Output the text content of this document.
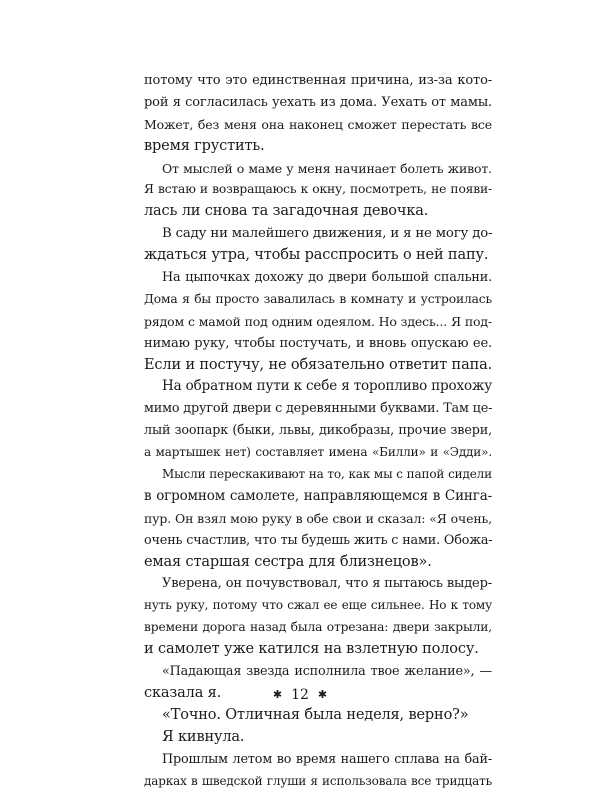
потому что это единственная причина, из-за кото-
рой я согласилась уехать из дома. Уехать от мамы.
Может, без меня она наконец сможет перестать все
время грустить.
От мыслей о маме у меня начинает болеть живот.
Я встаю и возвращаюсь к окну, посмотреть, не появи-
лась ли снова та загадочная девочка.
В саду ни малейшего движения, и я не могу до-
ждаться утра, чтобы расспросить о ней папу.
На цыпочках дохожу до двери большой спальни.
Дома я бы просто завалилась в комнату и устроилась
рядом с мамой под одним одеялом. Но здесь... Я под-
нимаю руку, чтобы постучать, и вновь опускаю ее.
Если и постучу, не обязательно ответит папа.
На обратном пути к себе я торопливо прохожу
мимо другой двери с деревянными буквами. Там це-
лый зоопарк (быки, львы, дикобразы, прочие звери,
а мартышек нет) составляет имена «Билли» и «Эдди».
Мысли перескакивают на то, как мы с папой сидели
в огромном самолете, направляющемся в Синга-
пур. Он взял мою руку в обе свои и сказал: «Я очень,
очень счастлив, что ты будешь жить с нами. Обожа-
емая старшая сестра для близнецов».
Уверена, он почувствовал, что я пытаюсь выдер-
нуть руку, потому что сжал ее еще сильнее. Но к тому
времени дорога назад была отрезана: двери закрыли,
и самолет уже катился на взлетную полосу.
«Падающая звезда исполнила твое желание», —
сказала я.
«Точно. Отличная была неделя, верно?»
Я кивнула.
Прошлым летом во время нашего сплава на бай-
дарках в шведской глуши я использовала все тридцать
✱ 12 ✱
